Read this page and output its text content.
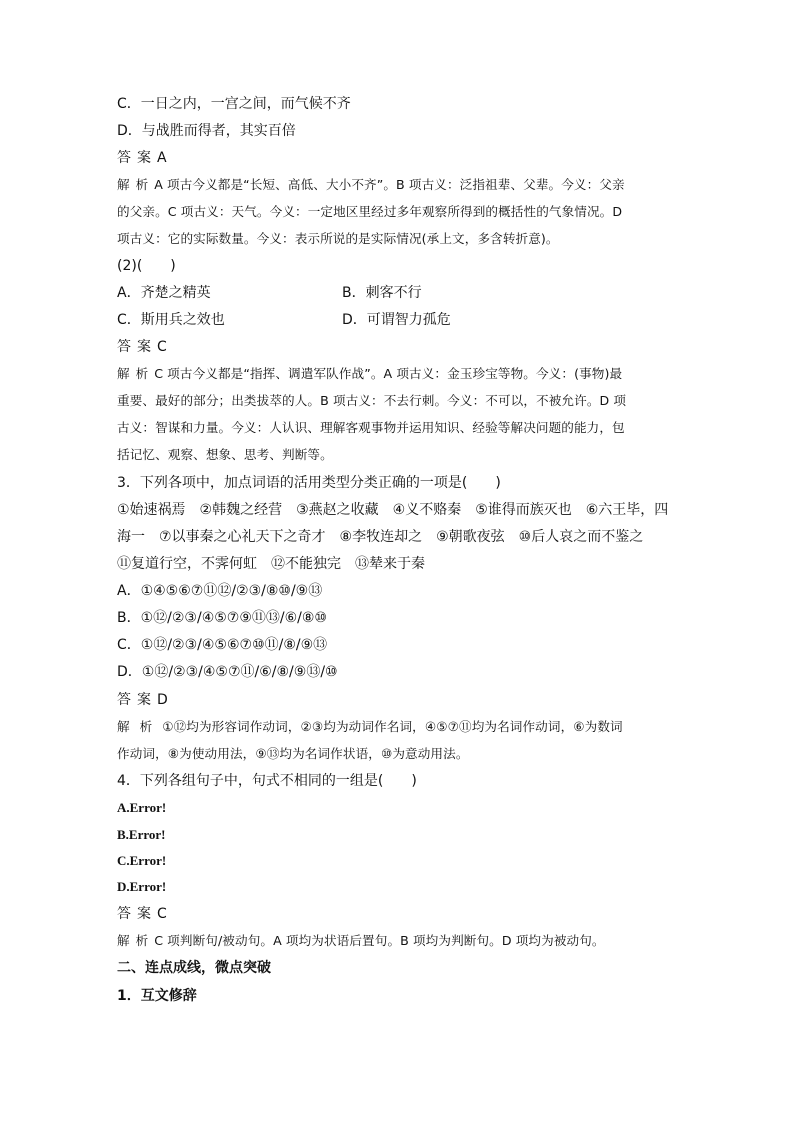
C．一日之内，一宫之间，而气候不齐
D．与战胜而得者，其实百倍
答案A
解析A 项古今义都是“长短、高低、大小不齐”。B 项古义：泛指祖辈、父辈。今义：父亲
的父亲。C 项古义：天气。今义：一定地区里经过多年观察所得到的概括性的气象情况。D
项古义：它的实际数量。今义：表示所说的是实际情况(承上文，多含转折意)。
(2)(　　)
A．齐楚之精英	B．刺客不行
C．斯用兵之效也	D．可谓智力孤危
答案C
解析C 项古今义都是“指挥、调遣军队作战”。A 项古义：金玉珍宝等物。今义：(事物)最
重要、最好的部分；出类拔萃的人。B 项古义：不去行刺。今义：不可以，不被允许。D 项
古义：智谋和力量。今义：人认识、理解客观事物并运用知识、经验等解决问题的能力，包
括记忆、观察、想象、思考、判断等。
3．下列各项中，加点词语的活用类型分类正确的一项是(　　)
①始速祸焉　②韩魏之经营　③燕赵之收藏　④义不赂秦　⑤谁得而族灭也　⑥六王毕，四
海一　⑦以事秦之心礼天下之奇才　⑧李牧连却之　⑨朝歌夜弦　⑩后人哀之而不鉴之
⑪复道行空，不霁何虹　⑫不能独完　⑬辇来于秦
A．①④⑤⑥⑦⑪⑫/②③/⑧⑩/⑨⑬
B．①⑫/②③/④⑤⑦⑨⑪⑬/⑥/⑧⑩
C．①⑫/②③/④⑤⑥⑦⑩⑪/⑧/⑨⑬
D．①⑫/②③/④⑤⑦⑪/⑥/⑧/⑨⑬/⑩
答案D
解析①⑫均为形容词作动词，②③均为动词作名词，④⑤⑦⑪均为名词作动词，⑥为数词
作动词，⑧为使动用法，⑨⑬均为名词作状语，⑩为意动用法。
4．下列各组句子中，句式不相同的一组是(　　)
A.Error!
B.Error!
C.Error!
D.Error!
答案C
解析C 项判断句/被动句。A 项均为状语后置句。B 项均为判断句。D 项均为被动句。
二、连点成线，微点突破
1．互文修辞
